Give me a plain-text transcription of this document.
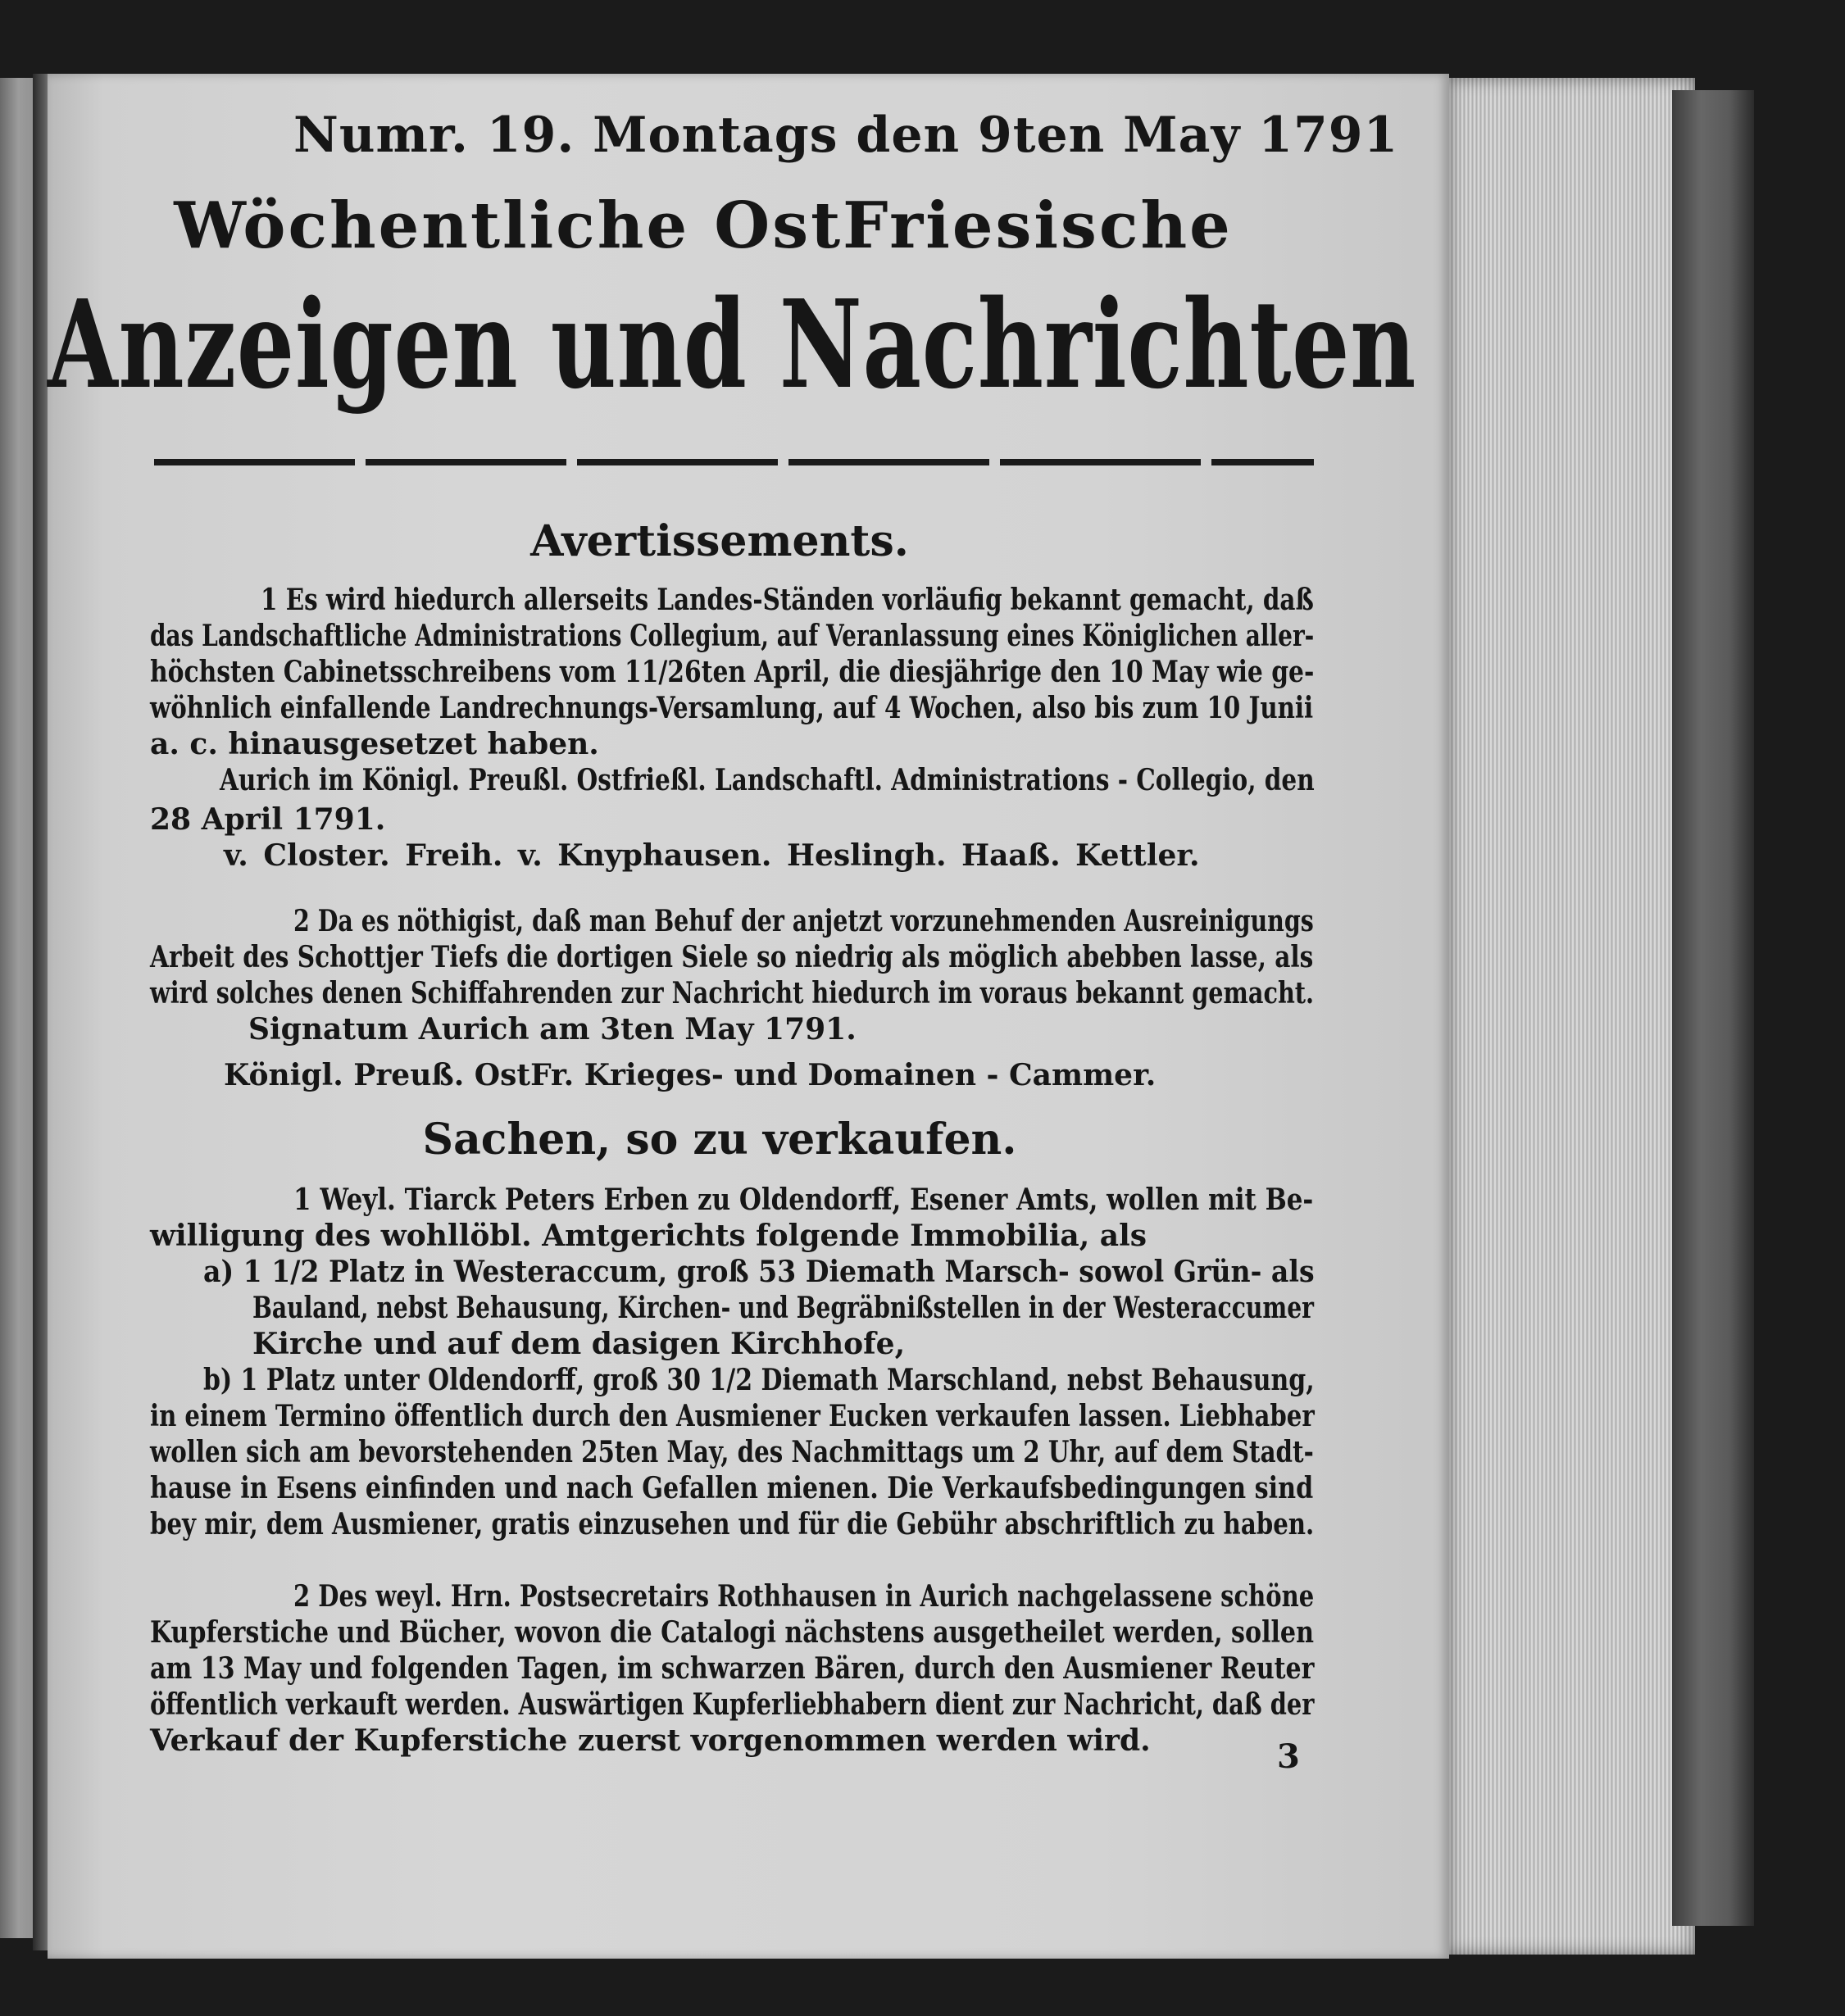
Numr. 19. Montags den 9ten May 1791
Wöchentliche OstFriesische
Anzeigen und Nachrichten
Avertissements.
1 Es wird hiedurch allerseits Landes-Ständen vorläufig bekannt gemacht, daß
das Landschaftliche Administrations Collegium, auf Veranlassung eines Königlichen aller-
höchsten Cabinetsschreibens vom 11/26ten April, die diesjährige den 10 May wie ge-
wöhnlich einfallende Landrechnungs-Versamlung, auf 4 Wochen, also bis zum 10 Junii
a. c. hinausgesetzet haben.
Aurich im Königl. Preußl. Ostfrießl. Landschaftl. Administrations - Collegio, den
28 April 1791.
v. Closter. Freih. v. Knyphausen. Heslingh. Haaß. Kettler.
2 Da es nöthigist, daß man Behuf der anjetzt vorzunehmenden Ausreinigungs
Arbeit des Schottjer Tiefs die dortigen Siele so niedrig als möglich abebben lasse, als
wird solches denen Schiffahrenden zur Nachricht hiedurch im voraus bekannt gemacht.
Signatum Aurich am 3ten May 1791.
Königl. Preuß. OstFr. Krieges- und Domainen - Cammer.
Sachen, so zu verkaufen.
1 Weyl. Tiarck Peters Erben zu Oldendorff, Esener Amts, wollen mit Be-
willigung des wohllöbl. Amtgerichts folgende Immobilia, als
a) 1 1/2 Platz in Westeraccum, groß 53 Diemath Marsch- sowol Grün- als
Bauland, nebst Behausung, Kirchen- und Begräbnißstellen in der Westeraccumer
Kirche und auf dem dasigen Kirchhofe,
b) 1 Platz unter Oldendorff, groß 30 1/2 Diemath Marschland, nebst Behausung,
in einem Termino öffentlich durch den Ausmiener Eucken verkaufen lassen. Liebhaber
wollen sich am bevorstehenden 25ten May, des Nachmittags um 2 Uhr, auf dem Stadt-
hause in Esens einfinden und nach Gefallen mienen. Die Verkaufsbedingungen sind
bey mir, dem Ausmiener, gratis einzusehen und für die Gebühr abschriftlich zu haben.
2 Des weyl. Hrn. Postsecretairs Rothhausen in Aurich nachgelassene schöne
Kupferstiche und Bücher, wovon die Catalogi nächstens ausgetheilet werden, sollen
am 13 May und folgenden Tagen, im schwarzen Bären, durch den Ausmiener Reuter
öffentlich verkauft werden. Auswärtigen Kupferliebhabern dient zur Nachricht, daß der
Verkauf der Kupferstiche zuerst vorgenommen werden wird.	3
